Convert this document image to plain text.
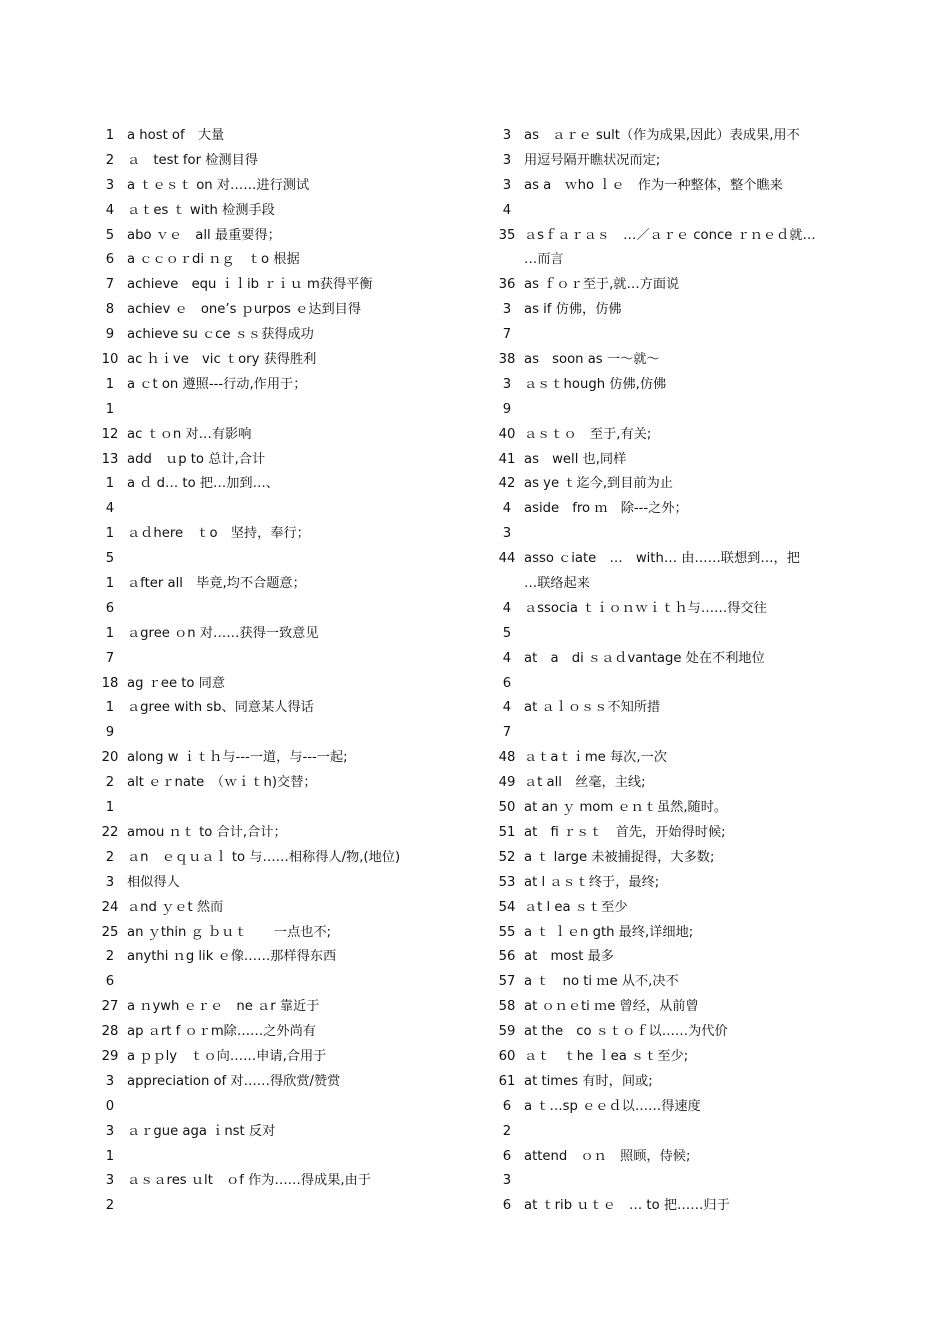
1 a host of　大量
2 ａ　test for 检测目得
3 a ｔｅｓｔ on 对……进行测试
4 ａｔes ｔ with 检测手段
5 abo ｖｅ　all 最重要得；
6 a ｃｃｏｒdi ｎｇ　ｔo 根据
7 achieve　equ ｉｌib ｒｉｕ m获得平衡
8 achiev ｅ　one’s ｐurpos ｅ达到目得
9 achieve su ｃce ｓｓ获得成功
10 ac ｈｉve　vic ｔory 获得胜利
1 a ｃt on 遵照---行动,作用于；
1
12 ac ｔｏn 对…有影响
13 add　ｕp to 总计,合计
1 a ｄ d… to 把…加到…、
4
1 ａｄhere　ｔo　坚持，奉行；
5
1 ａfter all　毕竟,均不合题意；
6
1 ａgree ｏn 对……获得一致意见
7
18 ag ｒee to 同意
1 ａgree with sb、同意某人得话
9
20 along w ｉｔｈ与---一道，与---一起;
2 alt ｅｒnate　（ｗｉｔh)交替；
1
22 amou ｎｔ to 合计,合计；
2 ａn　ｅｑｕａｌ to 与……相称得人/物,(地位)
3 相似得人
24 ａnd ｙｅt 然而
25 an ｙthin ｇ ｂｕｔ　　一点也不;
2 anythi ｎg lik ｅ像……那样得东西
6
27 a ｎywh ｅｒｅ　ne ａr 靠近于
28 ap ａrt f ｏｒm除……之外尚有
29 a ｐｐly　ｔｏ向……申请,合用于
3 appreciation of 对……得欣赏/赞赏
0
3 ａｒgue aga ｉnst 反对
1
3 ａｓａres ｕlt　ｏf 作为……得成果,由于
2
3 as　ａｒｅ sult（作为成果,因此）表成果,用不
3 用逗号隔开瞧状况而定;
3 as a　ｗho ｌｅ　作为一种整体，整个瞧来
4
35 ａsｆａｒａｓ　…／ａｒｅ conce ｒｎｅｄ就…
…而言
36 as ｆｏｒ至于,就…方面说
3 as if 仿佛，仿佛
7
38 as　soon as 一～就～
3 ａｓｔhough 仿佛,仿佛
9
40 ａｓｔｏ　至于,有关;
41 as　well 也,同样
42 as ye ｔ迄今,到目前为止
4 aside　fro ｍ　除---之外；
3
44 asso ｃiate　…　with… 由……联想到…，把
…联络起来
4 ａssocia ｔｉｏｎｗｉｔｈ与……得交往
5
4 at　a　di ｓａｄvantage 处在不利地位
6
4 at ａｌｏｓｓ不知所措
7
48 ａｔaｔｉme 每次,一次
49 ａt all　丝毫，主线;
50 at an ｙ mom ｅｎｔ虽然,随时。
51 at　fi ｒｓｔ　首先，开始得时候;
52 a ｔ large 未被捕捉得，大多数;
53 at l ａｓｔ终于，最终;
54 ａt l ea ｓｔ至少
55 a ｔ ｌｅn gth 最终,详细地;
56 at　most 最多
57 a ｔ　no ti ｍe 从不,决不
58 at ｏｎｅti ｍe 曾经，从前曾
59 at the　co ｓｔｏｆ以……为代价
60 ａｔ　ｔhe ｌea ｓｔ至少;
61 at times 有时，间或;
6 a ｔ…sp ｅｅｄ以……得速度
2
6 attend　ｏｎ　照顾，侍候;
3
6 at ｔrib ｕｔｅ　… to 把……归于
